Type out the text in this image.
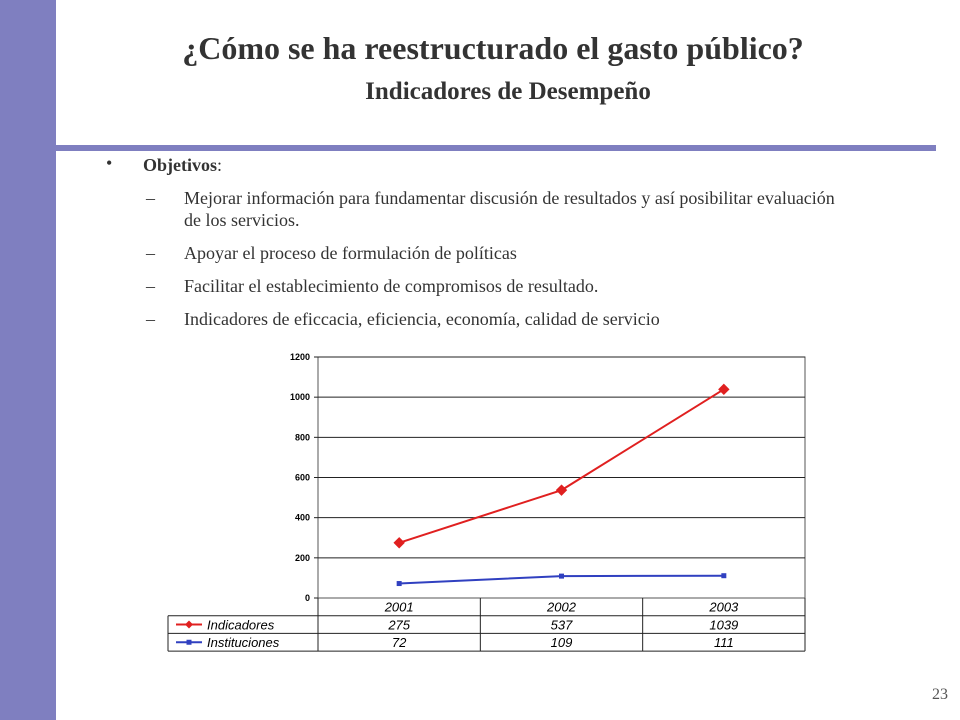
¿Cómo se ha reestructurado el gasto público?
Indicadores de Desempeño
• Objetivos:
– Mejorar información para fundamentar discusión de resultados y así posibilitar evaluación de los servicios.
– Apoyar el proceso de formulación de políticas
– Facilitar el establecimiento de compromisos de resultado.
– Indicadores de eficcacia, eficiencia, economía, calidad de servicio
0
200
400
600
800
1000
1200
2001	2002	2003
Indicadores	275	537	1039
Instituciones	72	109	111
23
